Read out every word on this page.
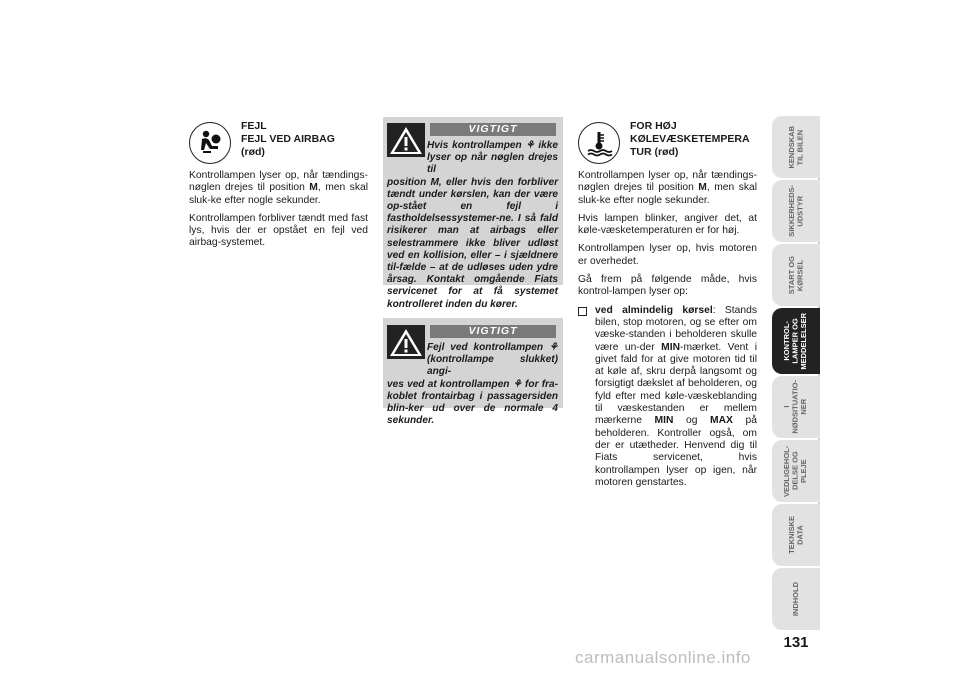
FEJL
FEJL VED AIRBAG
(rød)

Kontrollampen lyser op, når tændings-nøglen drejes til position M, men skal sluk-ke efter nogle sekunder.

Kontrollampen forbliver tændt med fast lys, hvis der er opstået en fejl ved airbag-systemet.

VIGTIGT
Hvis kontrollampen ⚘ ikke lyser op når nøglen drejes til
position M, eller hvis den forbliver tændt under kørslen, kan der være op-stået en fejl i fastholdelsessystemer-ne. I så fald risikerer man at airbags eller selestrammere ikke bliver udløst ved en kollision, eller – i sjældnere til-fælde – at de udløses uden ydre årsag. Kontakt omgående Fiats servicenet for at få systemet kontrolleret inden du kører.
VIGTIGT
Fejl ved kontrollampen ⚘ (kontrollampe slukket) angi-
ves ved at kontrollampen ⚘ for fra-koblet frontairbag i passagersiden blin-ker ud over de normale 4 sekunder.
FOR HØJ
KØLEVÆSKETEMPERA
TUR (rød)

Kontrollampen lyser op, når tændings-nøglen drejes til position M, men skal sluk-ke efter nogle sekunder.

Hvis lampen blinker, angiver det, at køle-væsketemperaturen er for høj.

Kontrollampen lyser op, hvis motoren er overhedet.

Gå frem på følgende måde, hvis kontrol-lampen lyser op:

ved almindelig kørsel: Stands bilen, stop motoren, og se efter om væske-standen i beholderen skulle være un-der MIN-mærket. Vent i givet fald for at give motoren tid til at køle af, skru derpå langsomt og forsigtigt dækslet af beholderen, og fyld efter med køle-væskeblanding til væskestanden er mellem mærkerne MIN og MAX på beholderen. Kontroller også, om der er utætheder. Henvend dig til Fiats servicenet, hvis kontrollampen lyser op igen, når motoren genstartes.
KENDSKAB
TIL BILEN
SIKKERHEDS-
UDSTYR
START OG
KØRSEL
KONTROL-
LAMPER OG
MEDDELELSER
I
NØDSITUATIO-
NER
VEDLIGEHOL-
DELSE OG PLEJE
TEKNISKE
DATA
INDHOLD
131
carmanualsonline.info
